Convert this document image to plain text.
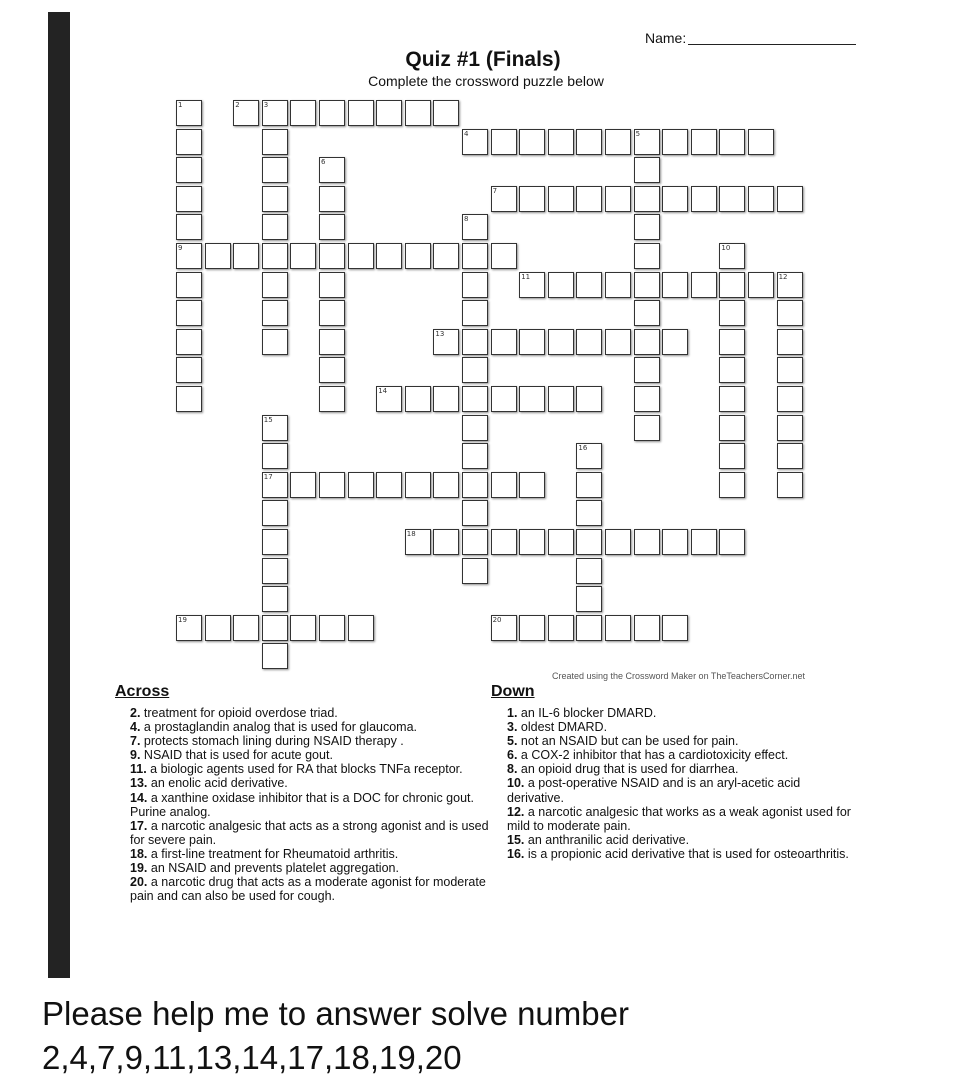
Name:
Quiz #1 (Finals)
Complete the crossword puzzle below
1	2	3
4	5
6
7
8
9	10
11	12
13
14
15
16
17
18
19	20
Created using the Crossword Maker on TheTeachersCorner.net
Across
2. treatment for opioid overdose triad.
4. a prostaglandin analog that is used for glaucoma.
7. protects stomach lining during NSAID therapy .
9. NSAID that is used for acute gout.
11. a biologic agents used for RA that blocks TNFa receptor.
13. an enolic acid derivative.
14. a xanthine oxidase inhibitor that is a DOC for chronic gout. Purine analog.
17. a narcotic analgesic that acts as a strong agonist and is used for severe pain.
18. a first-line treatment for Rheumatoid arthritis.
19. an NSAID and prevents platelet aggregation.
20. a narcotic drug that acts as a moderate agonist for moderate pain and can also be used for cough.
Down
1. an IL-6 blocker DMARD.
3. oldest DMARD.
5. not an NSAID but can be used for pain.
6. a COX-2 inhibitor that has a cardiotoxicity effect.
8. an opioid drug that is used for diarrhea.
10. a post-operative NSAID and is an aryl-acetic acid derivative.
12. a narcotic analgesic that works as a weak agonist used for mild to moderate pain.
15. an anthranilic acid derivative.
16. is a propionic acid derivative that is used for osteoarthritis.
Please help me to answer solve number
2,4,7,9,11,13,14,17,18,19,20
